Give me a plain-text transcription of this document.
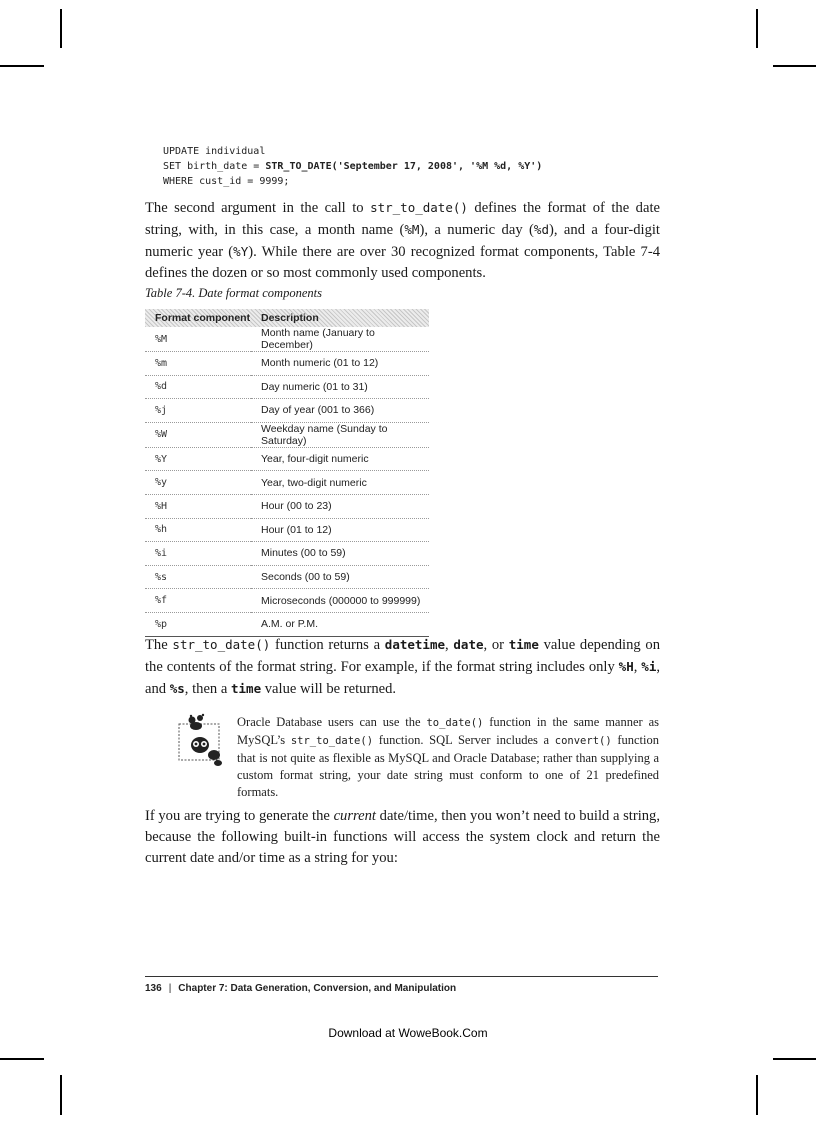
UPDATE individual
SET birth_date = STR_TO_DATE('September 17, 2008', '%M %d, %Y')
WHERE cust_id = 9999;

The second argument in the call to str_to_date() defines the format of the date string, with, in this case, a month name (%M), a numeric day (%d), and a four-digit numeric year (%Y). While there are over 30 recognized format components, Table 7-4 defines the dozen or so most commonly used components.

Table 7-4. Date format components
Format component	Description
%M	Month name (January to December)
%m	Month numeric (01 to 12)
%d	Day numeric (01 to 31)
%j	Day of year (001 to 366)
%W	Weekday name (Sunday to Saturday)
%Y	Year, four-digit numeric
%y	Year, two-digit numeric
%H	Hour (00 to 23)
%h	Hour (01 to 12)
%i	Minutes (00 to 59)
%s	Seconds (00 to 59)
%f	Microseconds (000000 to 999999)
%p	A.M. or P.M.

The str_to_date() function returns a datetime, date, or time value depending on the contents of the format string. For example, if the format string includes only %H, %i, and %s, then a time value will be returned.

Oracle Database users can use the to_date() function in the same manner as MySQL’s str_to_date() function. SQL Server includes a convert() function that is not quite as flexible as MySQL and Oracle Database; rather than supplying a custom format string, your date string must conform to one of 21 predefined formats.

If you are trying to generate the current date/time, then you won’t need to build a string, because the following built-in functions will access the system clock and return the current date and/or time as a string for you:

136 | Chapter 7: Data Generation, Conversion, and Manipulation
Download at WoweBook.Com
